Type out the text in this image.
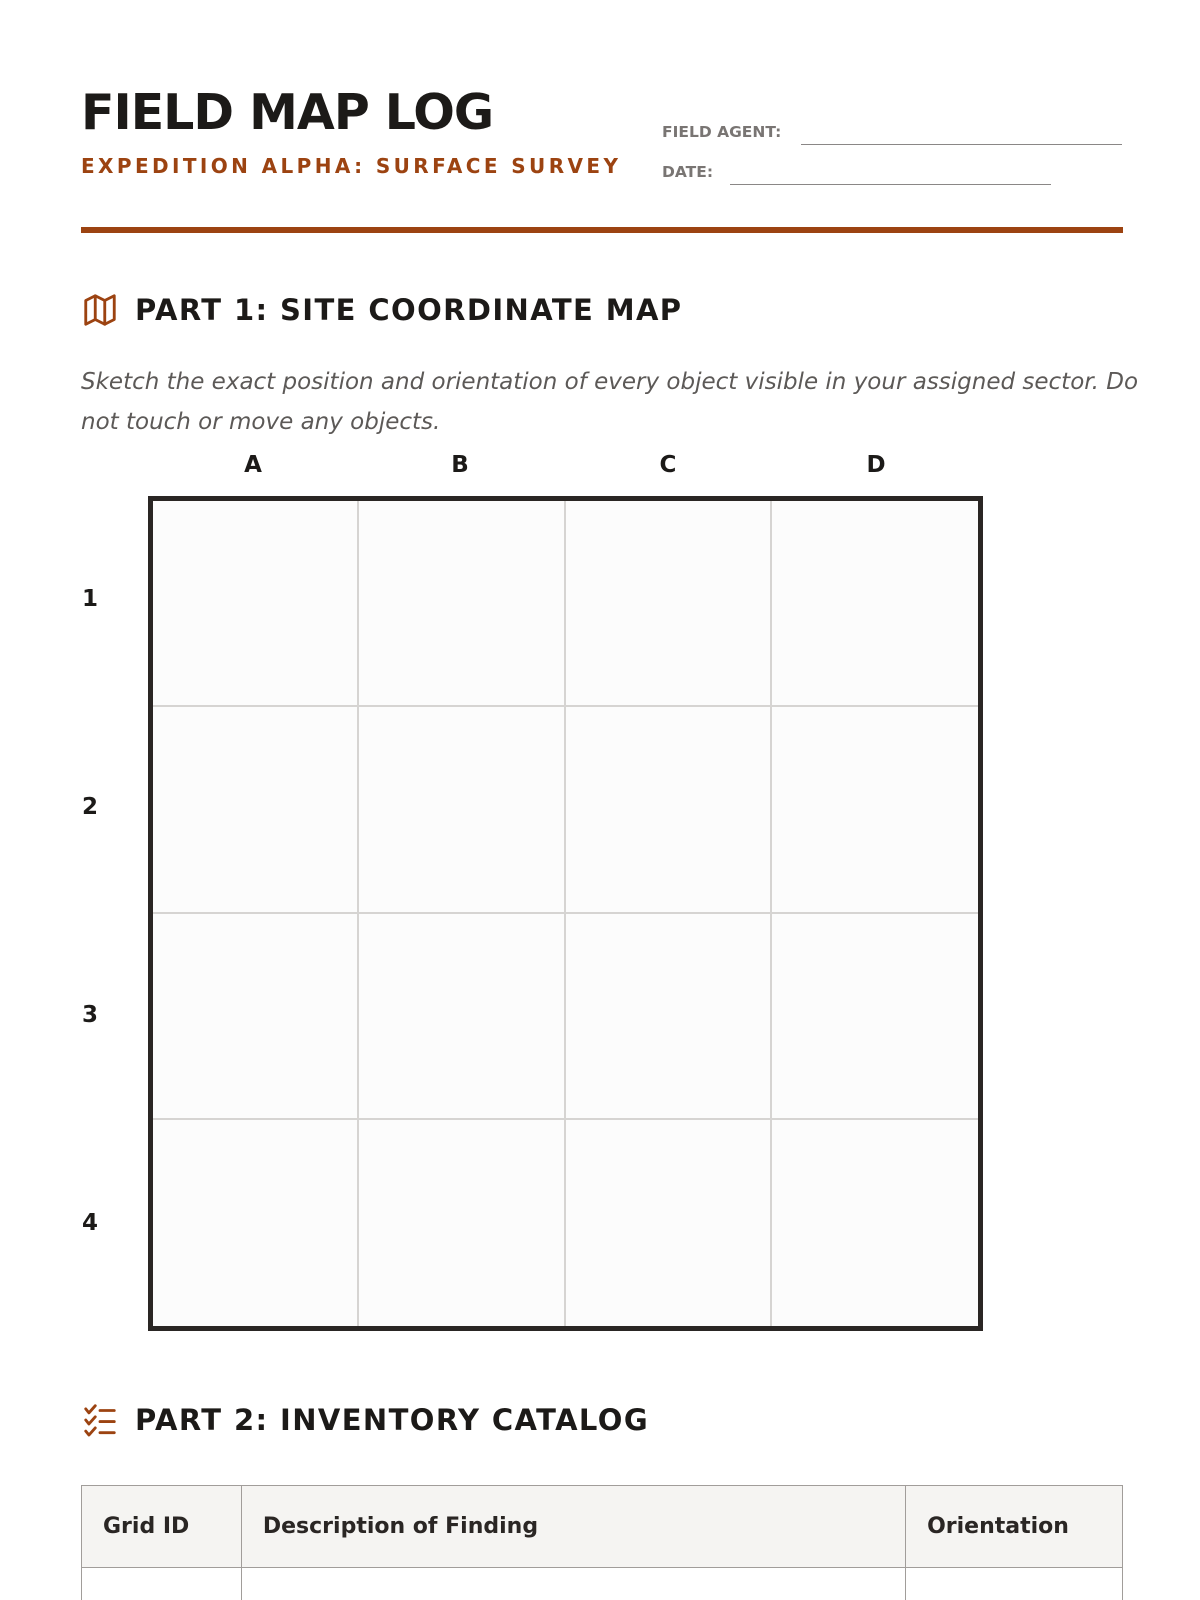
FIELD MAP LOG
EXPEDITION ALPHA: SURFACE SURVEY
FIELD AGENT:
DATE:
PART 1: SITE COORDINATE MAP

Sketch the exact position and orientation of every object visible in your assigned sector. Do not touch or move any objects.

A	B	C	D
1
2
3
4
PART 2: INVENTORY CATALOG
Grid ID	Description of Finding	Orientation
